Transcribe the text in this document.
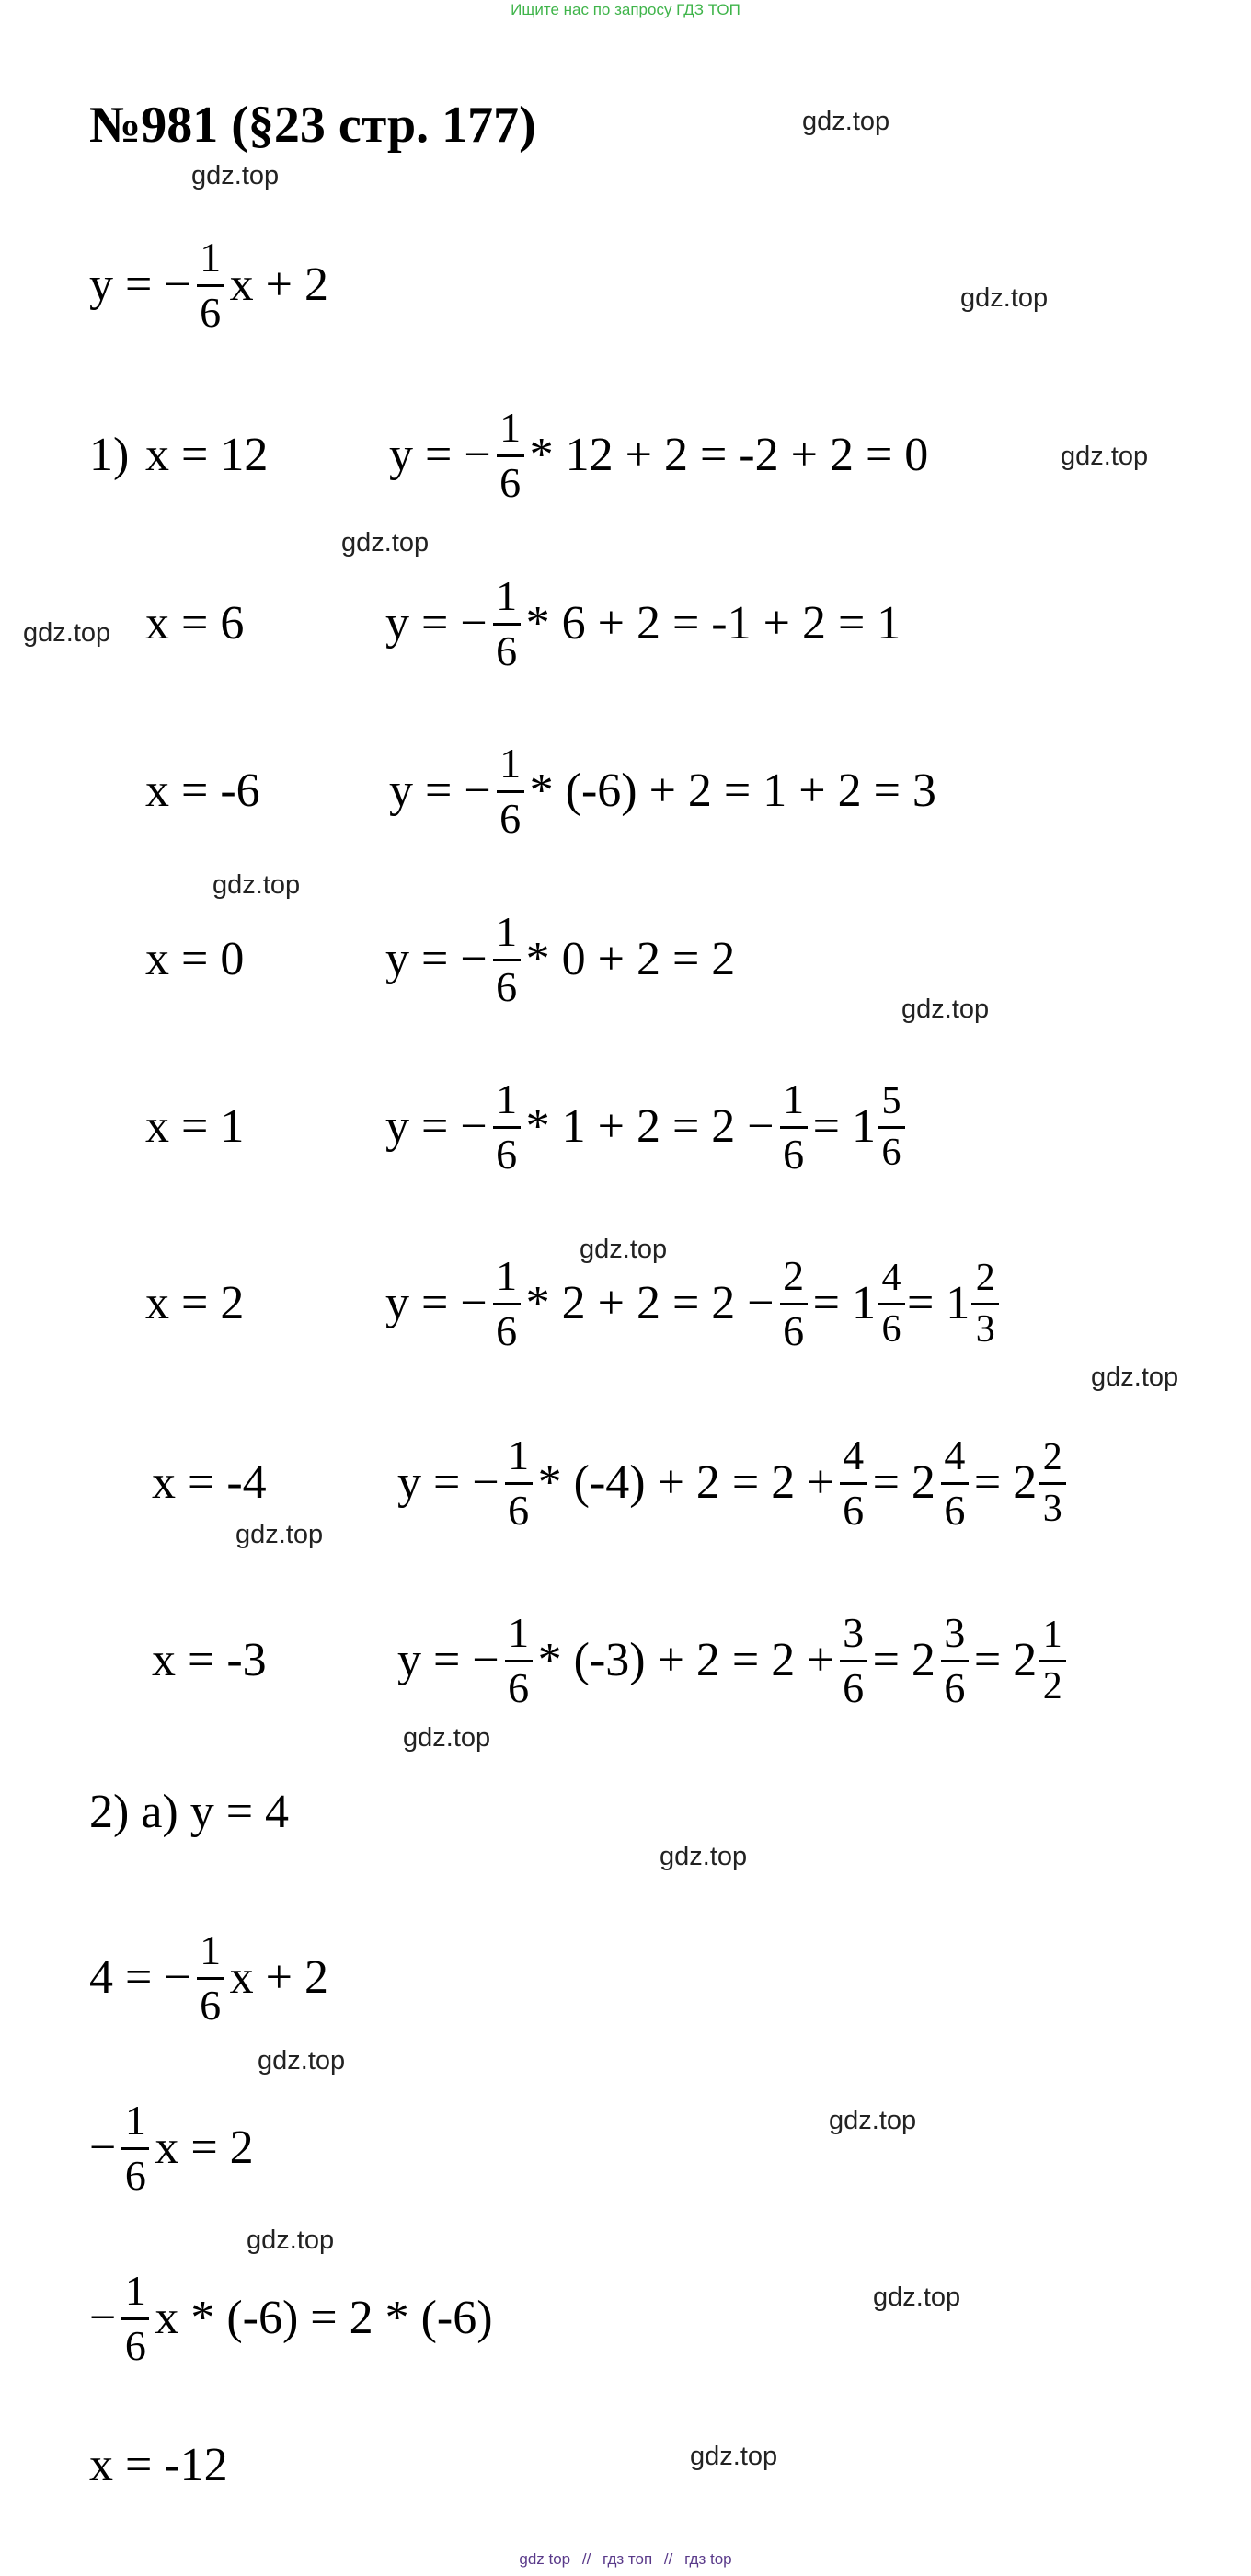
Ищите нас по запросу ГДЗ ТОП
№981 (§23 стр. 177)	gdz.top
gdz.top
gdz.top
gdz.top
gdz.top
gdz.top
gdz.top
gdz.top
gdz.top
gdz.top
gdz.top
gdz.top
gdz.top
gdz.top
gdz.top
gdz.top
gdz.top
gdz.top
y = − $\frac{1}{6}$ x + 2
1) x = 12	y = − $\frac{1}{6} * 12 + 2 = -2 + 2 = 0$
x = 6	y = − $\frac{1}{6} * 6 + 2 = -1 + 2 = 1$
x = -6	y = − $\frac{1}{6} * (-6) + 2 = 1 + 2 = 3$
x = 0	y = − $\frac{1}{6} * 0 + 2 = 2$
x = 1	y = − $\frac{1}{6} * 1 + 2 = 2 - \frac{1}{6} = 1 \frac{5}{6}$
x = 2	y = − $\frac{1}{6} * 2 + 2 = 2 - \frac{2}{6} = 1 \frac{4}{6} = 1 \frac{2}{3}$
x = -4	y = − $\frac{1}{6} * (-4) + 2 = 2 + \frac{4}{6} = 2 \frac{4}{6} = 2 \frac{2}{3}$
x = -3	y = − $\frac{1}{6} * (-3) + 2 = 2 + \frac{3}{6} = 2 \frac{3}{6} = 2 \frac{1}{2}$
2) a) y = 4
4 = − $\frac{1}{6}$ x + 2
− $\frac{1}{6}$ x = 2
− $\frac{1}{6}$ x * (-6) = 2 * (-6)
x = -12
gdz top // гдз топ // гдз top
